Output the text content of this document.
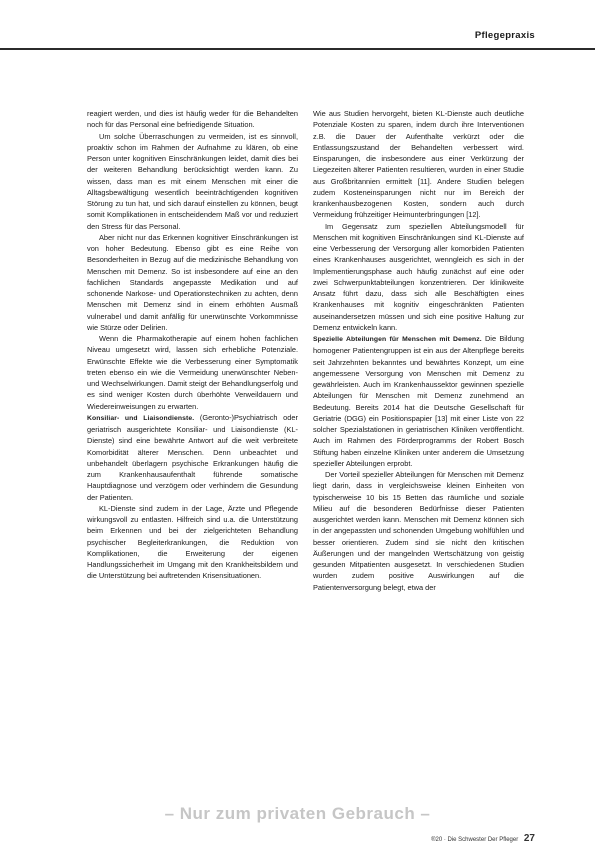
Pflegepraxis

reagiert werden, und dies ist häufig weder für die Behandelten noch für das Personal eine befriedigende Situation.

Um solche Überraschungen zu vermeiden, ist es sinnvoll, proaktiv schon im Rahmen der Aufnahme zu klären, ob eine Person unter kognitiven Einschränkungen leidet, damit dies bei der weiteren Behandlung berücksichtigt werden kann. Zu wissen, dass man es mit einem Menschen mit einer die Alltagsbewältigung wesentlich beeinträchtigenden kognitiven Störung zu tun hat, und sich darauf einstellen zu können, beugt somit Komplikationen in entscheidendem Maß vor und reduziert den Stress für das Personal.

Aber nicht nur das Erkennen kognitiver Einschränkungen ist von hoher Bedeutung. Ebenso gibt es eine Reihe von Besonderheiten in Bezug auf die medizinische Behandlung von Menschen mit Demenz. So ist insbesondere auf eine an den fachlichen Standards angepasste Medikation und auf schonende Narkose- und Operationstechniken zu achten, denn Menschen mit Demenz sind in einem erhöhten Ausmaß vulnerabel und damit anfällig für unerwünschte Vorkommnisse wie Stürze oder Delirien.

Wenn die Pharmakotherapie auf einem hohen fachlichen Niveau umgesetzt wird, lassen sich erhebliche Potenziale. Erwünschte Effekte wie die Verbesserung einer Symptomatik treten ebenso ein wie die Vermeidung unerwünschter Neben- und Wechselwirkungen. Damit steigt der Behandlungserfolg und es sind weniger Kosten durch überhöhte Verweildauern und Wiedereinweisungen zu erwarten.

Konsiliar- und Liaisondienste. (Geronto-)Psychiatrisch oder geriatrisch ausgerichtete Konsiliar- und Liaisondienste (KL-Dienste) sind eine bewährte Antwort auf die weit verbreitete Komorbidität älterer Menschen. Denn unbeachtet und unbehandelt überlagern psychische Erkrankungen häufig die zum Krankenhausaufenthalt führende somatische Hauptdiagnose und verzögern oder verhindern die Gesundung der Patienten.

KL-Dienste sind zudem in der Lage, Ärzte und Pflegende wirkungsvoll zu entlasten. Hilfreich sind u.a. die Unterstützung beim Erkennen und bei der zielgerichteten Behandlung psychischer Begleiterkrankungen, die Reduktion von Komplikationen, die Erweiterung der eigenen Handlungssicherheit im Umgang mit den Krankheitsbildern und die Unterstützung bei auftretenden Krisensituationen.

Wie aus Studien hervorgeht, bieten KL-Dienste auch deutliche Potenziale Kosten zu sparen, indem durch ihre Interventionen z.B. die Dauer der Aufenthalte verkürzt oder die Entlassungszustand der Behandelten verbessert wird. Einsparungen, die insbesondere aus einer Verkürzung der Liegezeiten älterer Patienten resultieren, wurden in einer Studie aus Großbritannien ermittelt [11]. Andere Studien belegen zudem Kosteneinsparungen nicht nur im Bereich der krankenhausbezogenen Kosten, sondern auch durch Vermeidung frühzeitiger Heimunterbringungen [12].

Im Gegensatz zum speziellen Abteilungsmodell für Menschen mit kognitiven Einschränkungen sind KL-Dienste auf eine Verbesserung der Versorgung aller komorbiden Patienten eines Krankenhauses ausgerichtet, wenngleich es sich in der Implementierungsphase auch häufig zunächst auf eine oder zwei Schwerpunktabteilungen konzentrieren. Der klinikweite Ansatz führt dazu, dass sich alle Beschäftigten eines Krankenhauses mit kognitiv eingeschränkten Patienten auseinandersetzen müssen und sich eine positive Haltung zur Demenz entwickeln kann.

Spezielle Abteilungen für Menschen mit Demenz. Die Bildung homogener Patientengruppen ist ein aus der Altenpflege bereits seit Jahrzehnten bekanntes und bewährtes Konzept, um eine angemessene Versorgung von Menschen mit Demenz zu gewährleisten. Auch im Krankenhaussektor gewinnen spezielle Abteilungen für Menschen mit Demenz zunehmend an Bedeutung. Bereits 2014 hat die Deutsche Gesellschaft für Geriatrie (DGG) ein Positionspapier [13] mit einer Liste von 22 solcher Spezialstationen in geriatrischen Kliniken veröffentlicht. Auch im Rahmen des Förderprogramms der Robert Bosch Stiftung haben einzelne Kliniken unter anderem die Umsetzung spezieller Abteilungen erprobt.

Der Vorteil spezieller Abteilungen für Menschen mit Demenz liegt darin, dass in vergleichsweise kleinen Einheiten von typischerweise 10 bis 15 Betten das räumliche und soziale Milieu auf die besonderen Bedürfnisse dieser Patienten ausgerichtet werden kann. Menschen mit Demenz können sich in der angepassten und schonenden Umgebung wohlfühlen und besser orientieren. Zudem sind sie nicht den kritischen Äußerungen und der mangelnden Wertschätzung von geistig gesunden Mitpatienten ausgesetzt. In verschiedenen Studien wurden zudem positive Auswirkungen auf die Patientenversorgung belegt, etwa der

– Nur zum privaten Gebrauch –
®20 · Die Schwester Der Pfleger 27
